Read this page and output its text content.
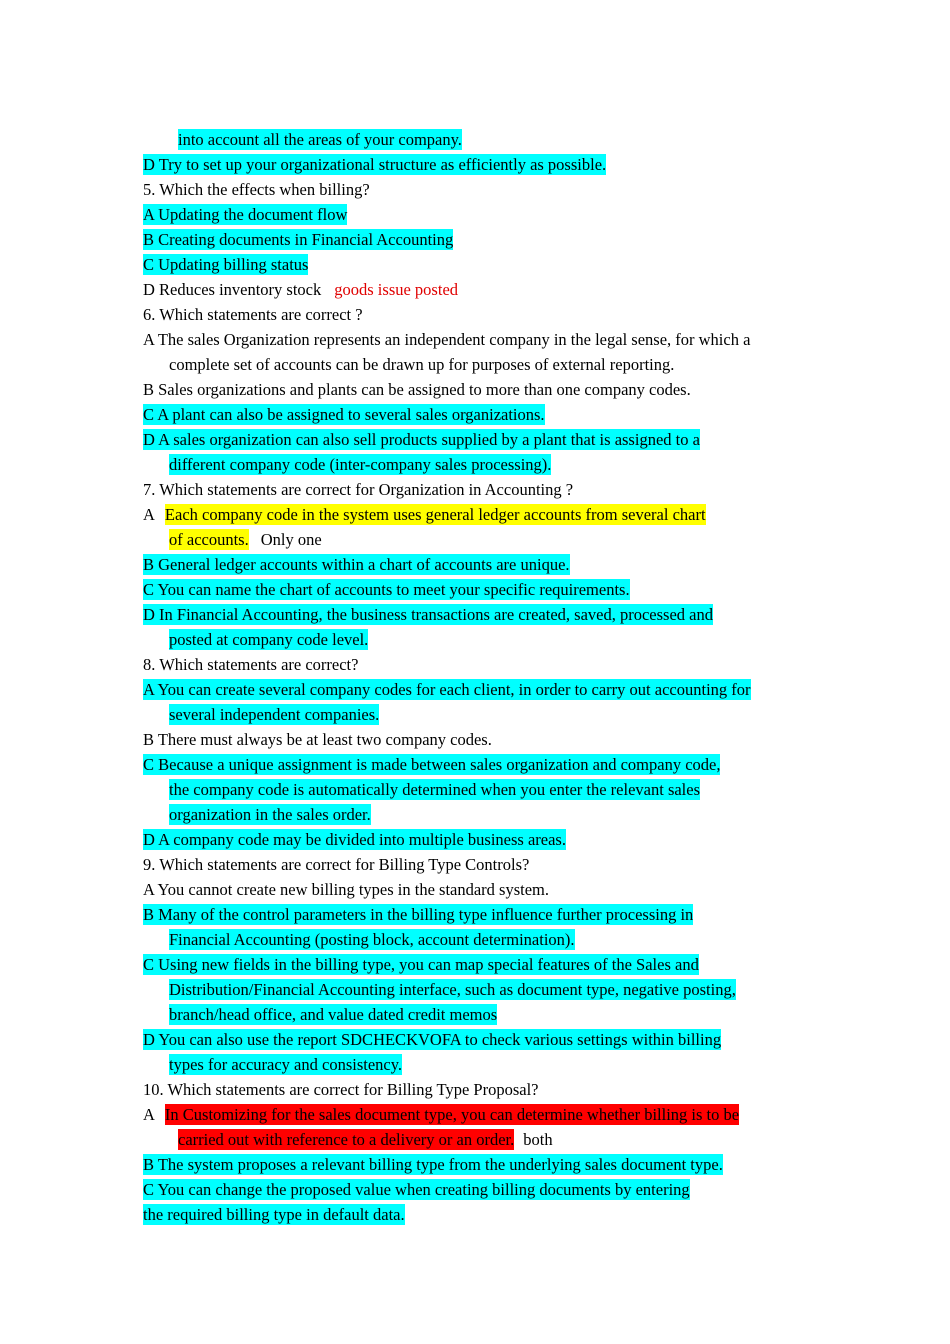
into account all the areas of your company.
D Try to set up your organizational structure as efficiently as possible.
5. Which the effects when billing?
A Updating the document flow
B Creating documents in Financial Accounting
C Updating billing status
D Reduces inventory stock goods issue posted
6. Which statements are correct ?
A The sales Organization represents an independent company in the legal sense, for which a
complete set of accounts can be drawn up for purposes of external reporting.
B Sales organizations and plants can be assigned to more than one company codes.
C A plant can also be assigned to several sales organizations.
D A sales organization can also sell products supplied by a plant that is assigned to a
different company code (inter-company sales processing).
7. Which statements are correct for Organization in Accounting ?
A Each company code in the system uses general ledger accounts from several chart
of accounts. Only one
B General ledger accounts within a chart of accounts are unique.
C You can name the chart of accounts to meet your specific requirements.
D In Financial Accounting, the business transactions are created, saved, processed and
posted at company code level.
8. Which statements are correct?
A You can create several company codes for each client, in order to carry out accounting for
several independent companies.
B There must always be at least two company codes.
C Because a unique assignment is made between sales organization and company code,
the company code is automatically determined when you enter the relevant sales
organization in the sales order.
D A company code may be divided into multiple business areas.
9. Which statements are correct for Billing Type Controls?
A You cannot create new billing types in the standard system.
B Many of the control parameters in the billing type influence further processing in
Financial Accounting (posting block, account determination).
C Using new fields in the billing type, you can map special features of the Sales and
Distribution/Financial Accounting interface, such as document type, negative posting,
branch/head office, and value dated credit memos
D You can also use the report SDCHECKVOFA to check various settings within billing
types for accuracy and consistency.
10. Which statements are correct for Billing Type Proposal?
A In Customizing for the sales document type, you can determine whether billing is to be
carried out with reference to a delivery or an order. both
B The system proposes a relevant billing type from the underlying sales document type.
C You can change the proposed value when creating billing documents by entering
the required billing type in default data.
